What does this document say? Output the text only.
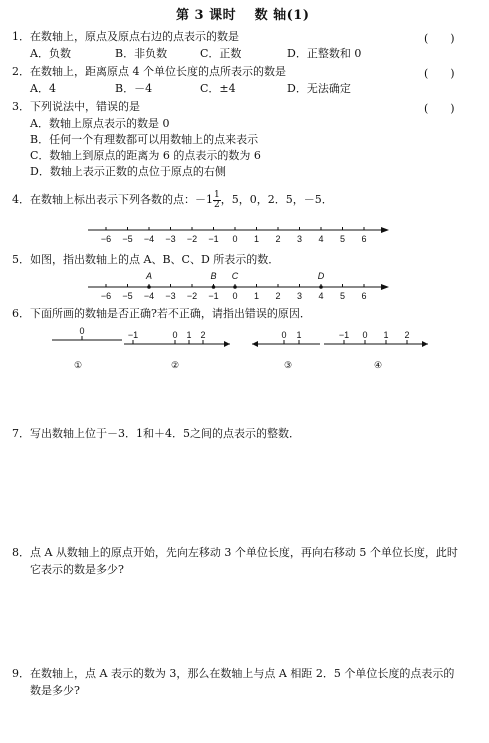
第 3 课时　 数 轴(1)
1．在数轴上，原点及原点右边的点表示的数是	(　　)
A．负数	B．非负数	C．正数	D．正整数和 0
2．在数轴上，距离原点 4 个单位长度的点所表示的数是	(　　)
A．4	B．－4	C．±4	D．无法确定
3．下列说法中，错误的是	(　　)
A．数轴上原点表示的数是 0
B．任何一个有理数都可以用数轴上的点来表示
C．数轴上到原点的距离为 6 的点表示的数为 6
D．数轴上表示正数的点位于原点的右侧
4．在数轴上标出表示下列各数的点：$-1 \frac{1}{2}$ ，5，0，2．5，－5．
−6 −5 −4 −3 −2 −1 0 1 2 3 4 5 6
5．如图，指出数轴上的点 A、B、C、D 所表示的数．
−6 −5 −4 −3 −2 −1 0 1 2 3 4 5 6
A	B C	D
6．下面所画的数轴是否正确?若不正确，请指出错误的原因．
0
①
−1	0 1 2
②
0 1
③
−1 0 1 2
④
7．写出数轴上位于－3．1和＋4．5之间的点表示的整数．
8．点 A 从数轴上的原点开始，先向左移动 3 个单位长度，再向右移动 5 个单位长度，此时
它表示的数是多少?
9．在数轴上，点 A 表示的数为 3，那么在数轴上与点 A 相距 2．5 个单位长度的点表示的
数是多少?
